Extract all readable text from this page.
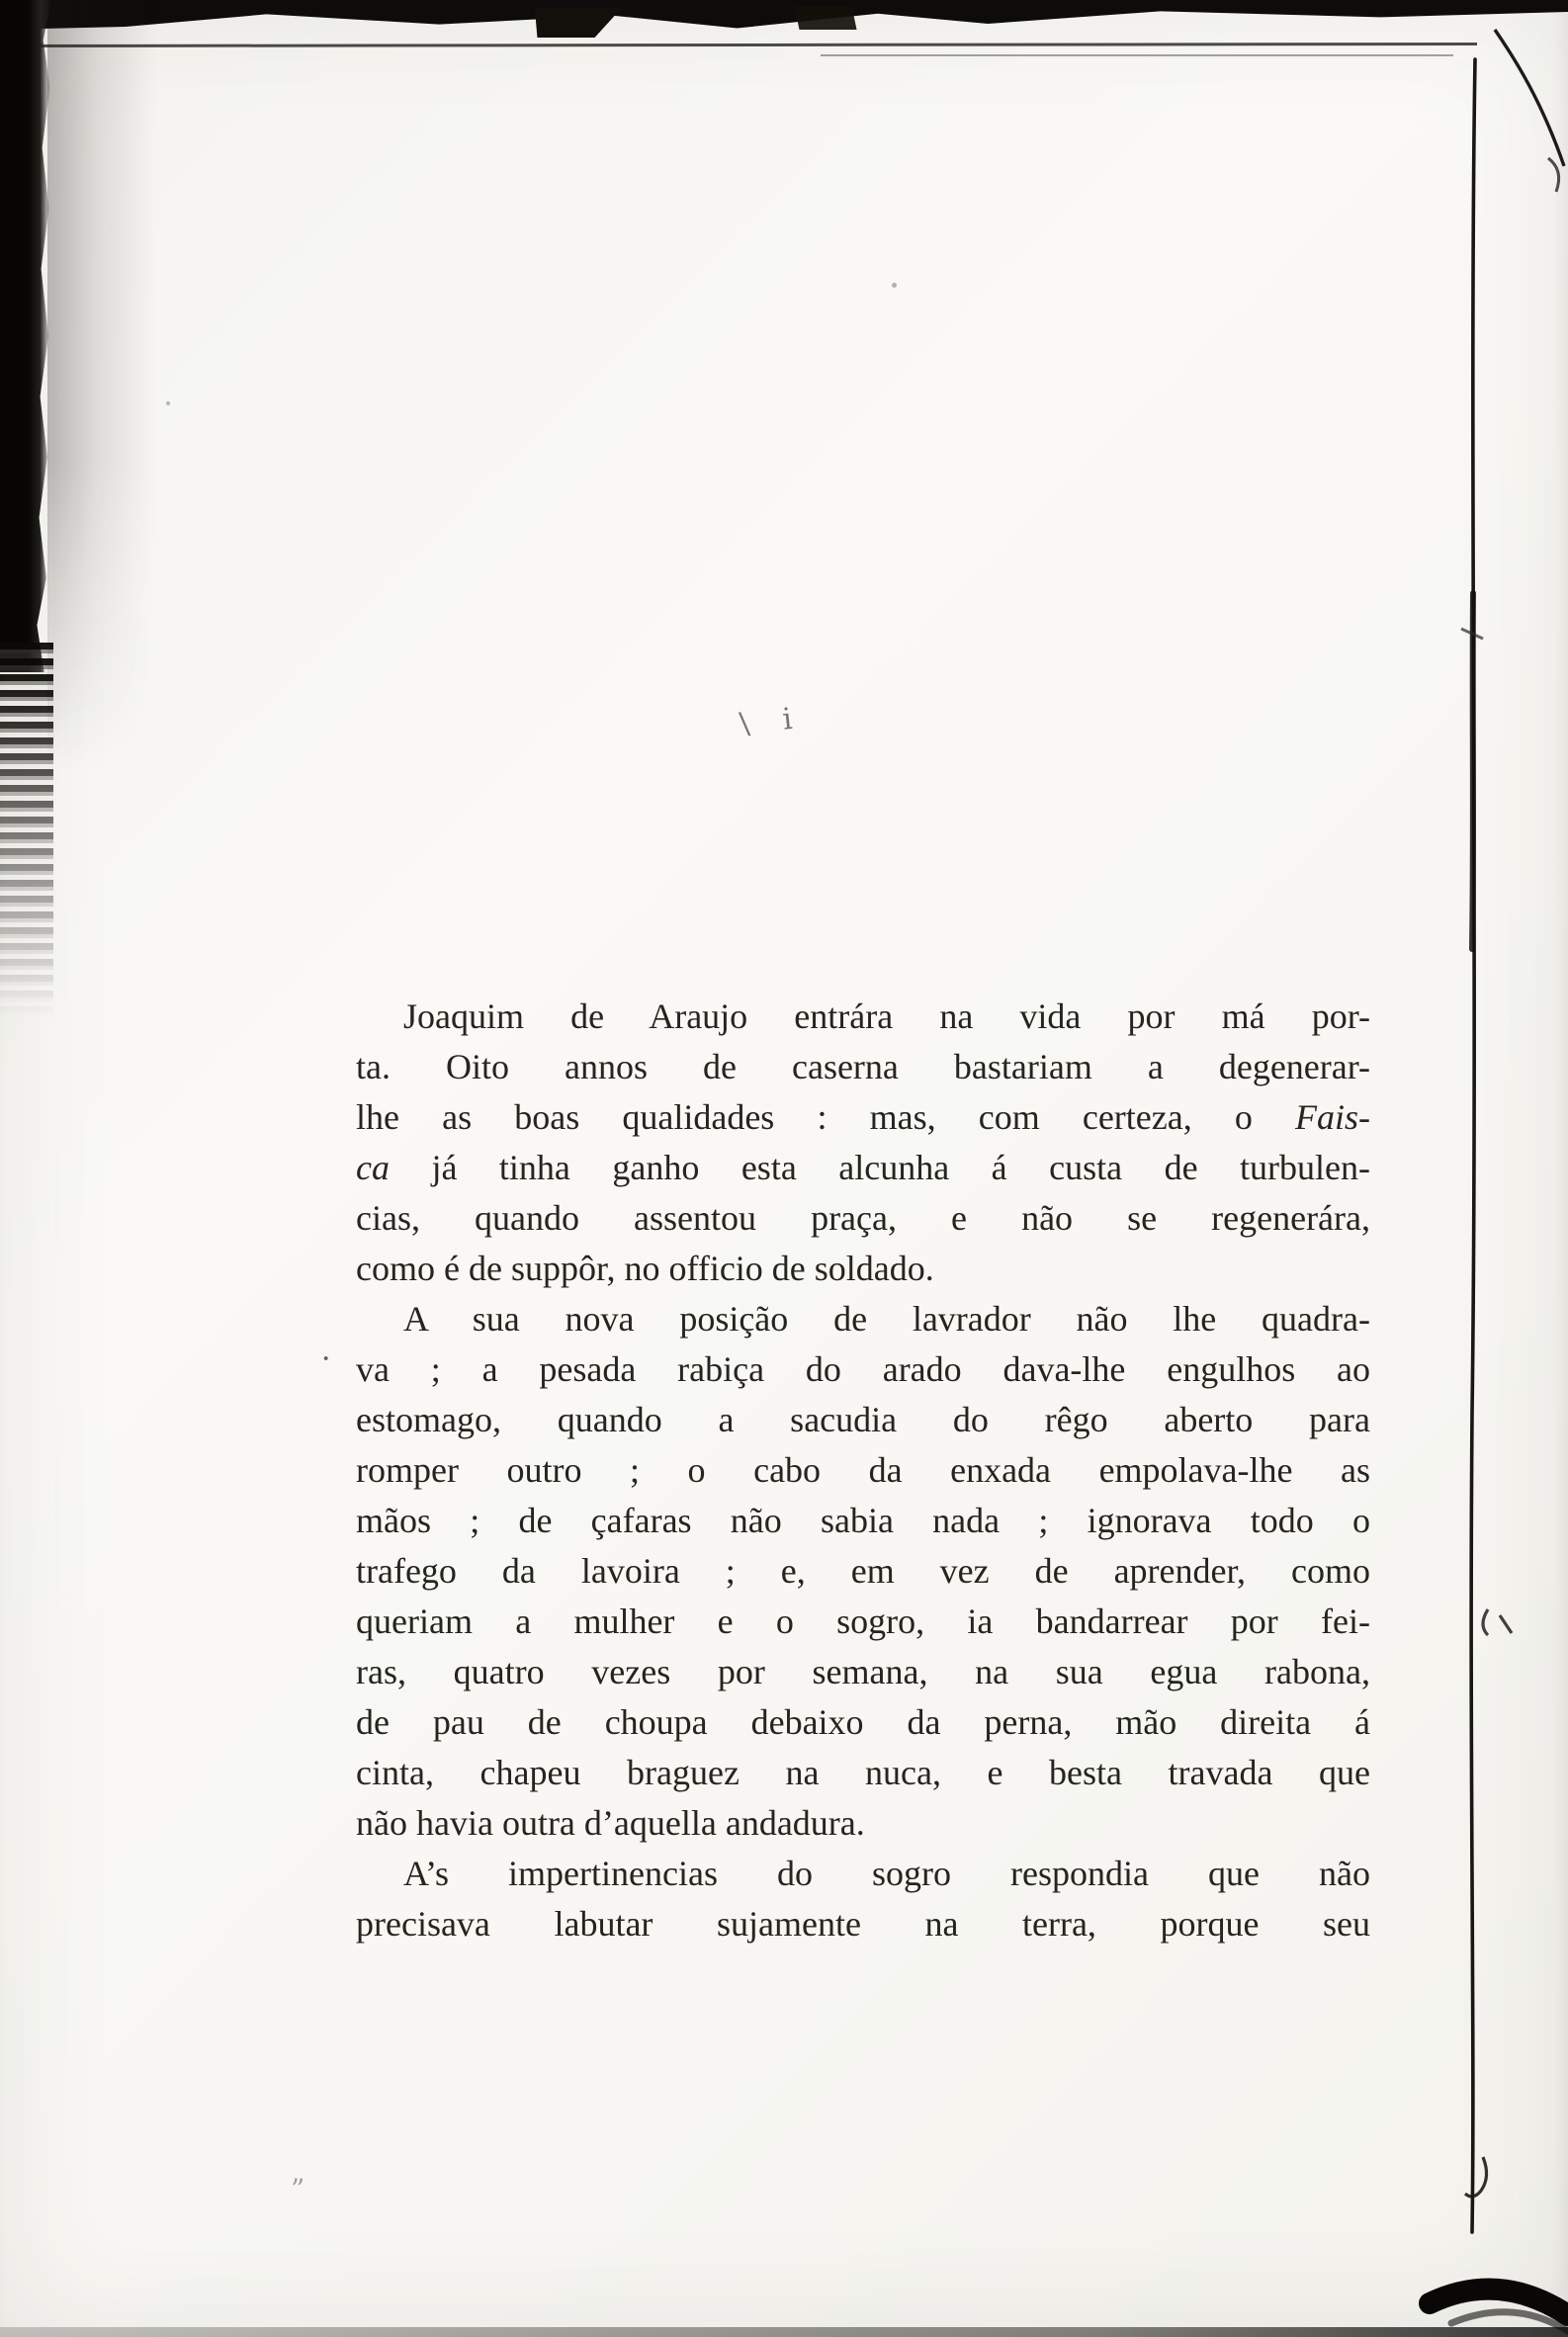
\ i
”
·
Joaquim de Araujo entrára na vida por má por-
ta. Oito annos de caserna bastariam a degenerar-
lhe as boas qualidades : mas, com certeza, o Fais-
ca já tinha ganho esta alcunha á custa de turbulen-
cias, quando assentou praça, e não se regenerára,
como é de suppôr, no officio de soldado.
A sua nova posição de lavrador não lhe quadra-
va ; a pesada rabiça do arado dava-lhe engulhos ao
estomago, quando a sacudia do rêgo aberto para
romper outro ; o cabo da enxada empolava-lhe as
mãos ; de çafaras não sabia nada ; ignorava todo o
trafego da lavoira ; e, em vez de aprender, como
queriam a mulher e o sogro, ia bandarrear por fei-
ras, quatro vezes por semana, na sua egua rabona,
de pau de choupa debaixo da perna, mão direita á
cinta, chapeu braguez na nuca, e besta travada que
não havia outra d’aquella andadura.
A’s impertinencias do sogro respondia que não
precisava labutar sujamente na terra, porque seu
